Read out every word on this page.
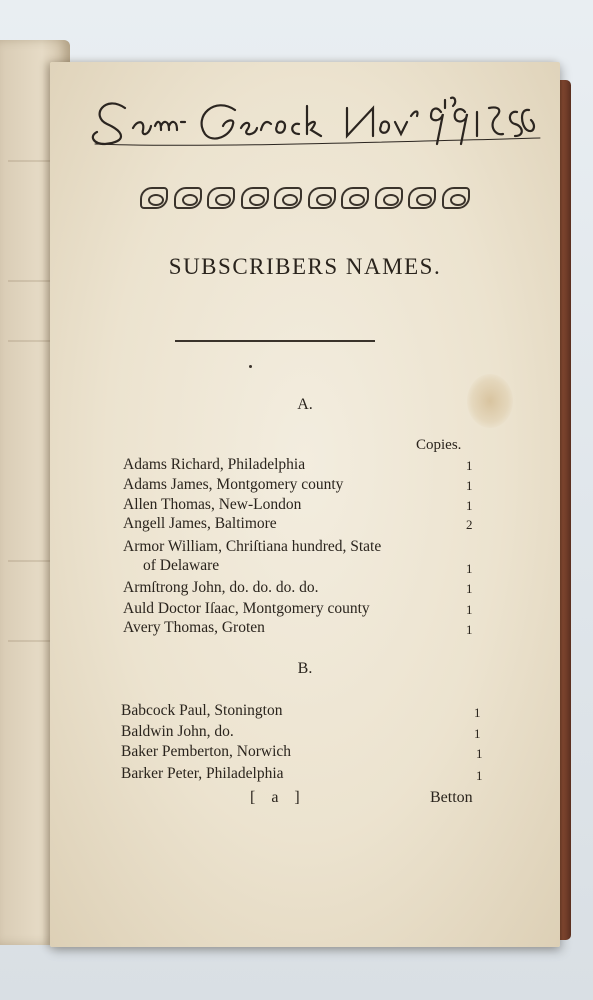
Samᵗ. Gerock Novʳ. 19ᵗʰ 1796
SUBSCRIBERS NAMES.
A.
Copies.
Adams Richard, Philadelphia	1
Adams James, Montgomery county	1
Allen Thomas, New-London	1
Angell James, Baltimore	2
Armor William, Chriſtiana hundred, State
of Delaware	1
Armſtrong John, do. do. do. do.	1
Auld Doctor Iſaac, Montgomery county	1
Avery Thomas, Groten	1
B.
Babcock Paul, Stonington	1
Baldwin John, do.	1
Baker Pemberton, Norwich	1
Barker Peter, Philadelphia	1
[ a ]	Betton
